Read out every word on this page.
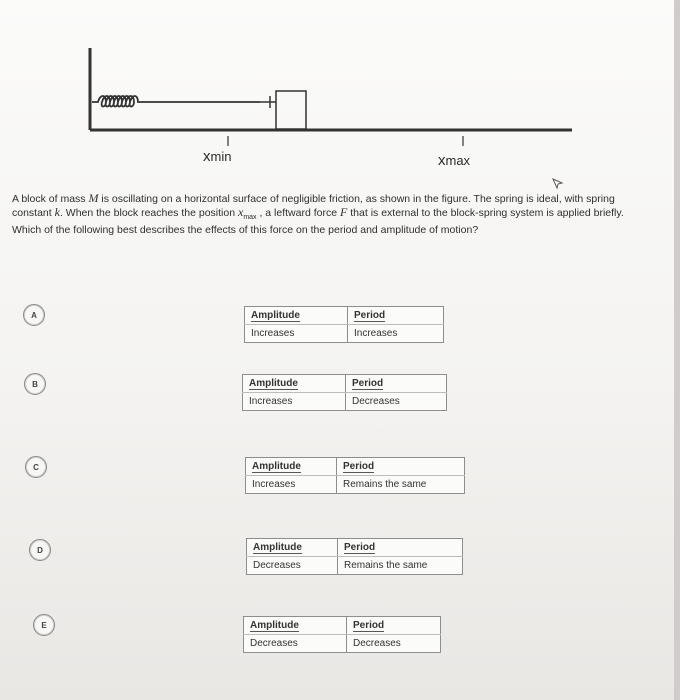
xmin	xmax
A block of mass M is oscillating on a horizontal surface of negligible friction, as shown in the figure. The spring is ideal, with spring constant k. When the block reaches the position $x_{max}$ , a leftward force F that is external to the block-spring system is applied briefly. Which of the following best describes the effects of this force on the period and amplitude of motion?
A	Amplitude	Period
Increases	Increases
B	Amplitude	Period
Increases	Decreases
C	Amplitude	Period
Increases	Remains the same
D	Amplitude	Period
Decreases	Remains the same
E	Amplitude	Period
Decreases	Decreases
